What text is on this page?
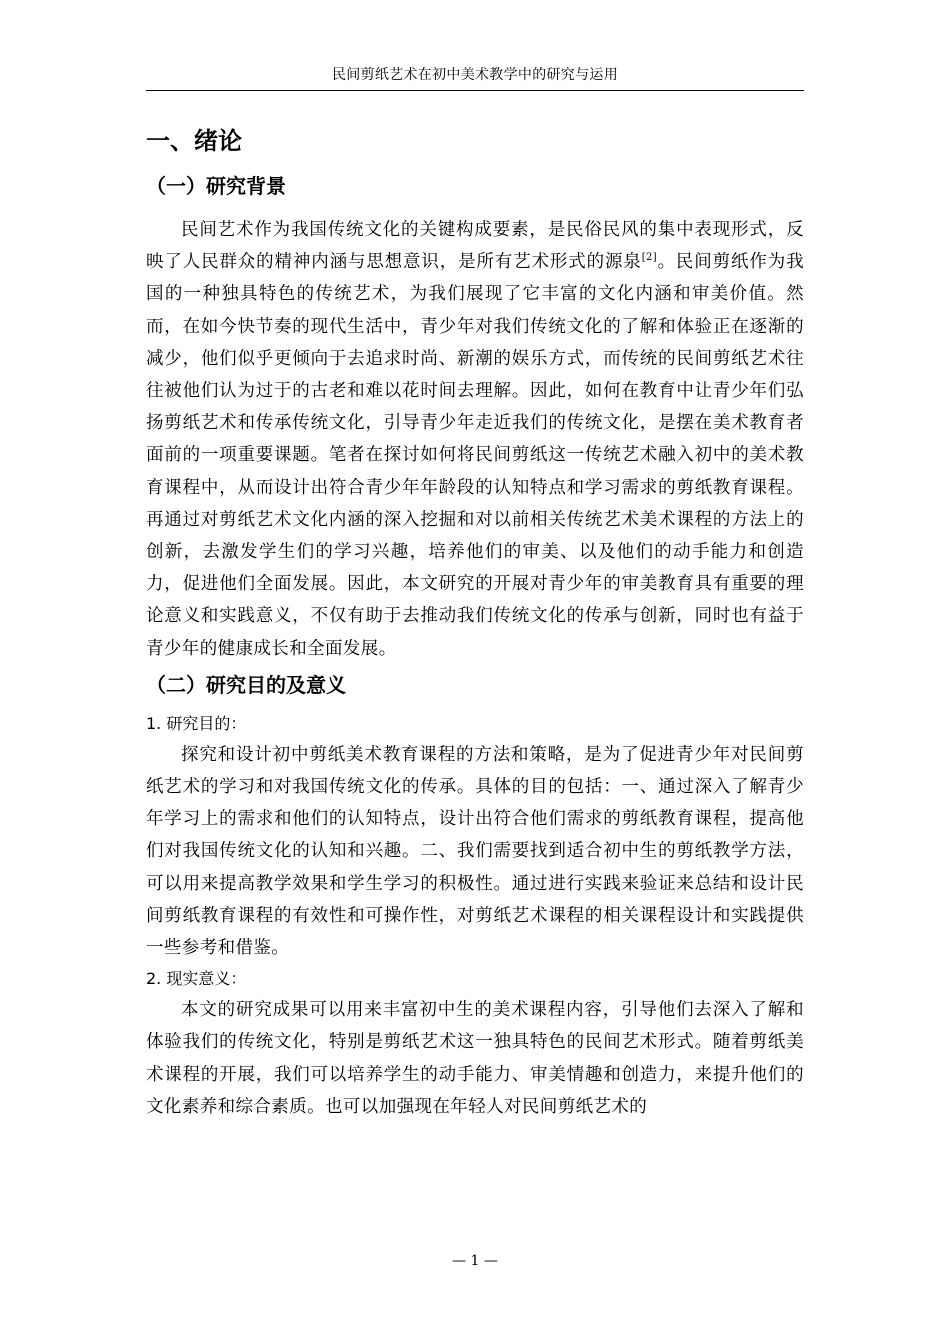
民间剪纸艺术在初中美术教学中的研究与运用
一、绪论
（一）研究背景

民间艺术作为我国传统文化的关键构成要素，是民俗民风的集中表现形式，反映了人民群众的精神内涵与思想意识，是所有艺术形式的源泉[2]。民间剪纸作为我国的一种独具特色的传统艺术，为我们展现了它丰富的文化内涵和审美价值。然而，在如今快节奏的现代生活中，青少年对我们传统文化的了解和体验正在逐渐的减少，他们似乎更倾向于去追求时尚、新潮的娱乐方式，而传统的民间剪纸艺术往往被他们认为过于的古老和难以花时间去理解。因此，如何在教育中让青少年们弘扬剪纸艺术和传承传统文化，引导青少年走近我们的传统文化，是摆在美术教育者面前的一项重要课题。笔者在探讨如何将民间剪纸这一传统艺术融入初中的美术教育课程中，从而设计出符合青少年年龄段的认知特点和学习需求的剪纸教育课程。再通过对剪纸艺术文化内涵的深入挖掘和对以前相关传统艺术美术课程的方法上的创新，去激发学生们的学习兴趣，培养他们的审美、以及他们的动手能力和创造力，促进他们全面发展。因此，本文研究的开展对青少年的审美教育具有重要的理论意义和实践意义，不仅有助于去推动我们传统文化的传承与创新，同时也有益于青少年的健康成长和全面发展。

（二）研究目的及意义
1. 研究目的：

探究和设计初中剪纸美术教育课程的方法和策略，是为了促进青少年对民间剪纸艺术的学习和对我国传统文化的传承。具体的目的包括：一、通过深入了解青少年学习上的需求和他们的认知特点，设计出符合他们需求的剪纸教育课程，提高他们对我国传统文化的认知和兴趣。二、我们需要找到适合初中生的剪纸教学方法，可以用来提高教学效果和学生学习的积极性。通过进行实践来验证来总结和设计民间剪纸教育课程的有效性和可操作性，对剪纸艺术课程的相关课程设计和实践提供一些参考和借鉴。

2. 现实意义：

本文的研究成果可以用来丰富初中生的美术课程内容，引导他们去深入了解和体验我们的传统文化，特别是剪纸艺术这一独具特色的民间艺术形式。随着剪纸美术课程的开展，我们可以培养学生的动手能力、审美情趣和创造力，来提升他们的文化素养和综合素质。也可以加强现在年轻人对民间剪纸艺术的

— 1 —
